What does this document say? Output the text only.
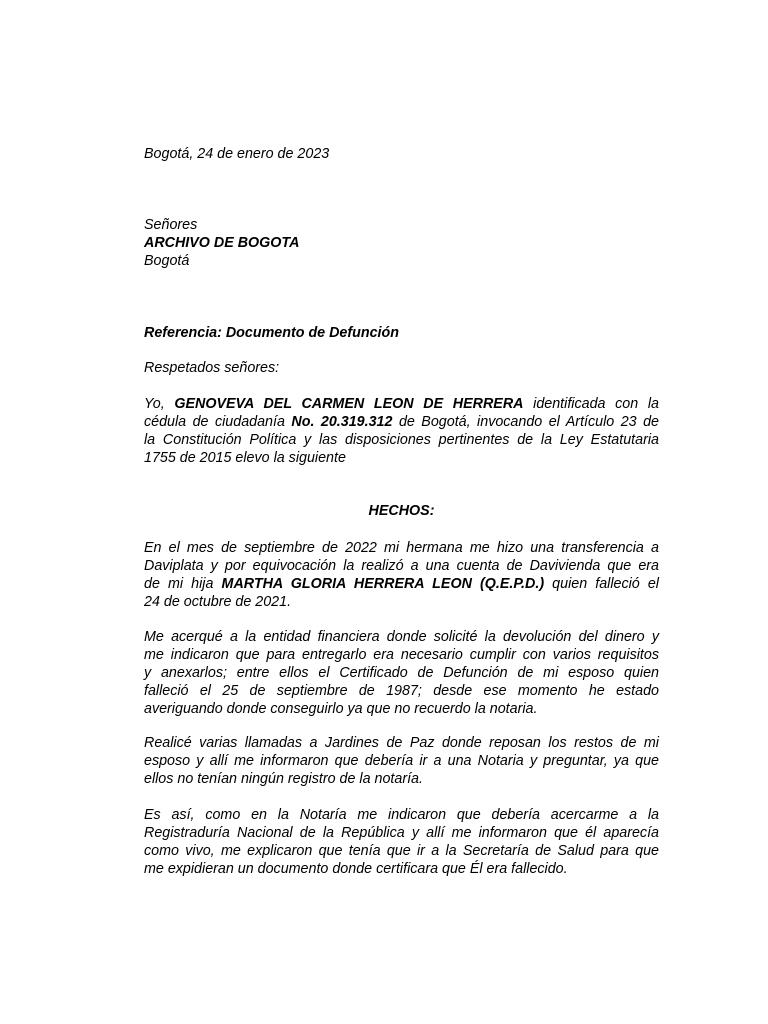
Bogotá, 24 de enero de 2023
Señores
ARCHIVO DE BOGOTA
Bogotá
Referencia: Documento de Defunción
Respetados señores:
Yo, GENOVEVA DEL CARMEN LEON DE HERRERA identificada con la
cédula de ciudadanía No. 20.319.312 de Bogotá, invocando el Artículo 23 de
la Constitución Política y las disposiciones pertinentes de la Ley Estatutaria
1755 de 2015 elevo la siguiente
HECHOS:
En el mes de septiembre de 2022 mi hermana me hizo una transferencia a
Daviplata y por equivocación la realizó a una cuenta de Davivienda que era
de mi hija MARTHA GLORIA HERRERA LEON (Q.E.P.D.) quien falleció el
24 de octubre de 2021.
Me acerqué a la entidad financiera donde solicité la devolución del dinero y
me indicaron que para entregarlo era necesario cumplir con varios requisitos
y anexarlos; entre ellos el Certificado de Defunción de mi esposo quien
falleció el 25 de septiembre de 1987; desde ese momento he estado
averiguando donde conseguirlo ya que no recuerdo la notaria.
Realicé varias llamadas a Jardines de Paz donde reposan los restos de mi
esposo y allí me informaron que debería ir a una Notaria y preguntar, ya que
ellos no tenían ningún registro de la notaría.
Es así, como en la Notaría me indicaron que debería acercarme a la
Registraduría Nacional de la República y allí me informaron que él aparecía
como vivo, me explicaron que tenía que ir a la Secretaría de Salud para que
me expidieran un documento donde certificara que Él era fallecido.
